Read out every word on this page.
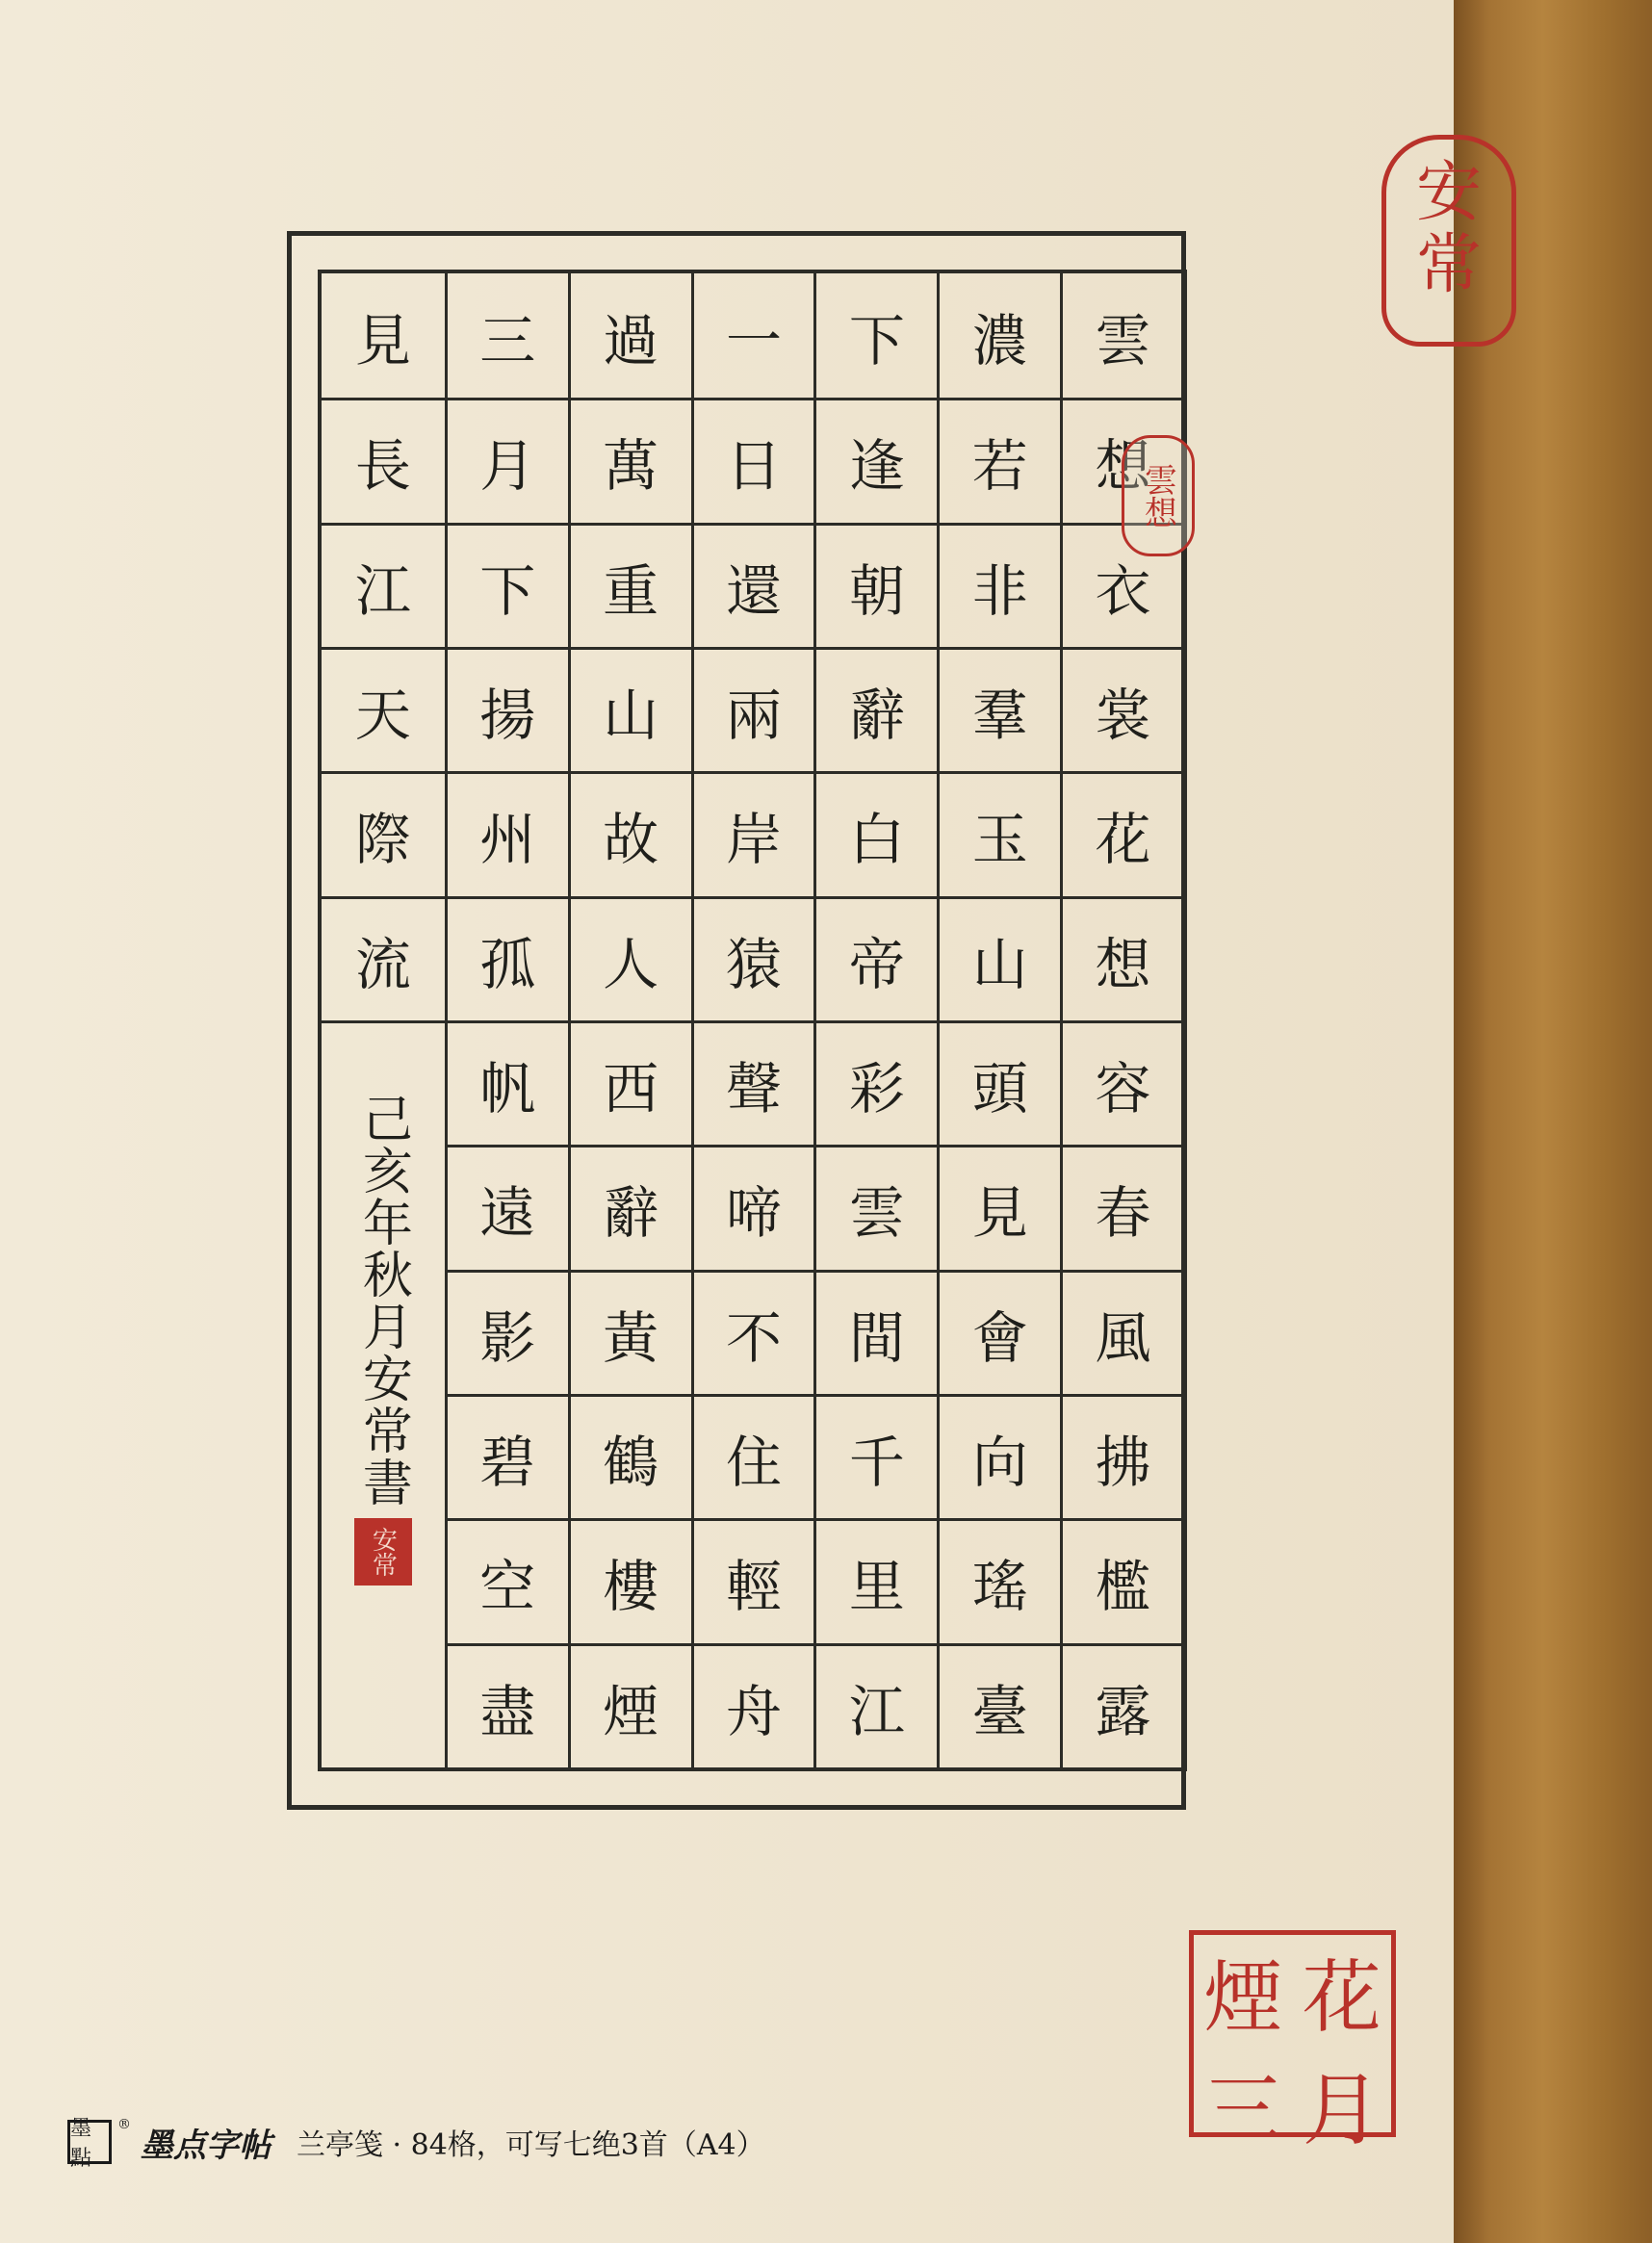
安
常
見
長
江
天
際
流
己亥年秋月安常書
安常
三
月
下
揚
州
孤
帆
遠
影
碧
空
盡
過
萬
重
山
故
人
西
辭
黃
鶴
樓
煙
一
日
還
兩
岸
猿
聲
啼
不
住
輕
舟
下
逢
朝
辭
白
帝
彩
雲
間
千
里
江
濃
若
非
羣
玉
山
頭
見
會
向
瑤
臺
雲
想
衣
裳
花
想
容
春
風
拂
檻
露
雲想
煙 花
三 月
墨點
®
墨点字帖 兰亭笺 · 84格，可写七绝3首（A4）
